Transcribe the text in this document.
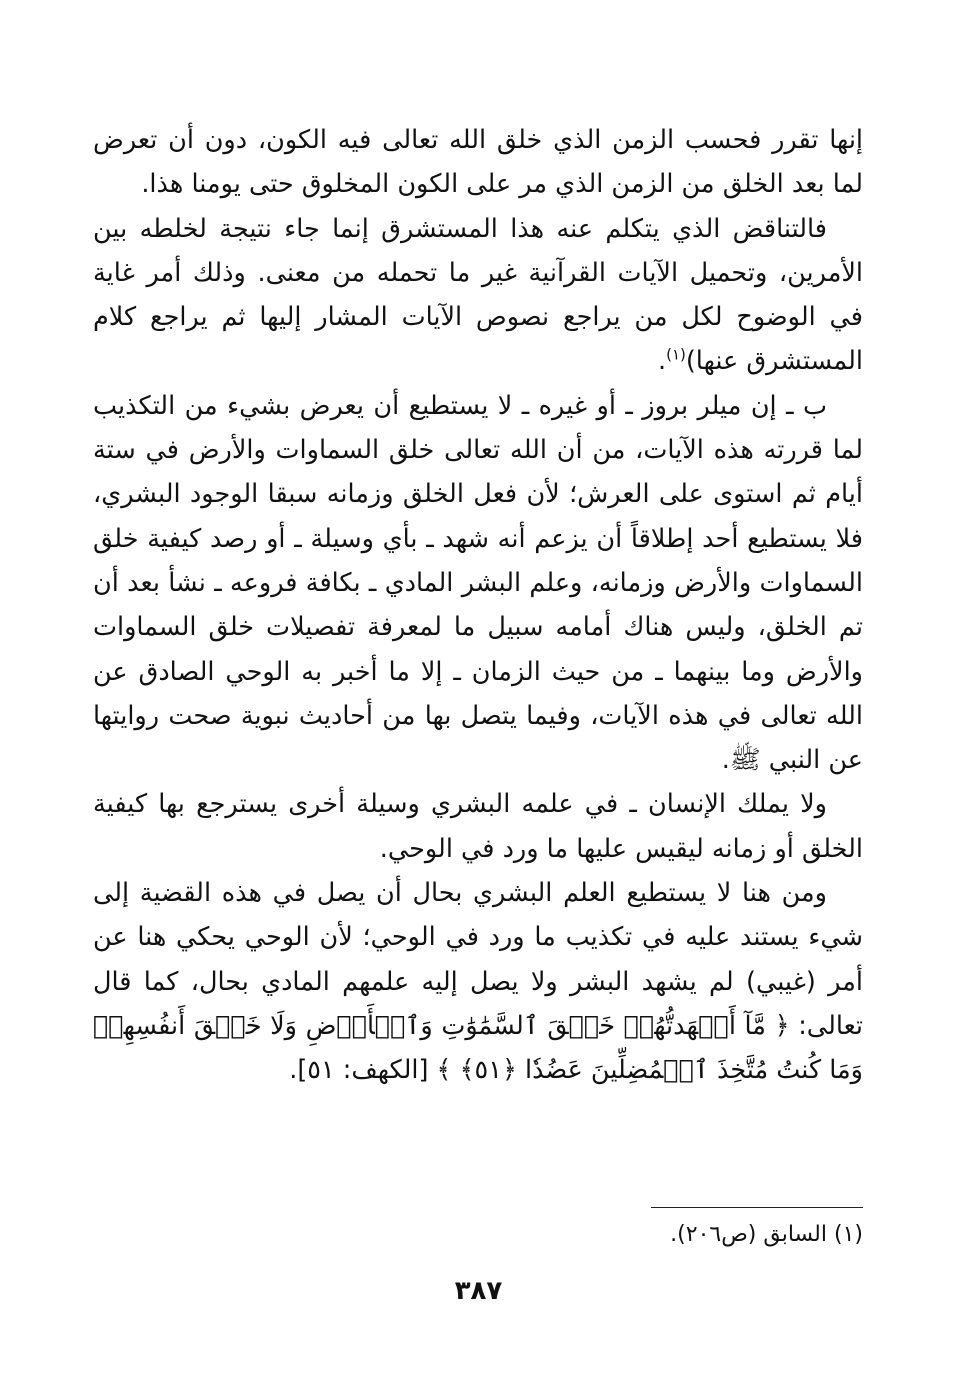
إنها تقرر فحسب الزمن الذي خلق الله تعالى فيه الكون، دون أن تعرض لما بعد الخلق من الزمن الذي مر على الكون المخلوق حتى يومنا هذا.

فالتناقض الذي يتكلم عنه هذا المستشرق إنما جاء نتيجة لخلطه بين الأمرين، وتحميل الآيات القرآنية غير ما تحمله من معنى. وذلك أمر غاية في الوضوح لكل من يراجع نصوص الآيات المشار إليها ثم يراجع كلام المستشرق عنها)$^{(١)}$.

ب ـ إن ميلر بروز ـ أو غيره ـ لا يستطيع أن يعرض بشيء من التكذيب لما قررته هذه الآيات، من أن الله تعالى خلق السماوات والأرض في ستة أيام ثم استوى على العرش؛ لأن فعل الخلق وزمانه سبقا الوجود البشري، فلا يستطيع أحد إطلاقاً أن يزعم أنه شهد ـ بأي وسيلة ـ أو رصد كيفية خلق السماوات والأرض وزمانه، وعلم البشر المادي ـ بكافة فروعه ـ نشأ بعد أن تم الخلق، وليس هناك أمامه سبيل ما لمعرفة تفصيلات خلق السماوات والأرض وما بينهما ـ من حيث الزمان ـ إلا ما أخبر به الوحي الصادق عن الله تعالى في هذه الآيات، وفيما يتصل بها من أحاديث نبوية صحت روايتها عن النبي ﷺ.

ولا يملك الإنسان ـ في علمه البشري وسيلة أخرى يسترجع بها كيفية الخلق أو زمانه ليقيس عليها ما ورد في الوحي.

ومن هنا لا يستطيع العلم البشري بحال أن يصل في هذه القضية إلى شيء يستند عليه في تكذيب ما ورد في الوحي؛ لأن الوحي يحكي هنا عن أمر (غيبي) لم يشهد البشر ولا يصل إليه علمهم المادي بحال، كما قال تعالى: ﴿ مَّآ أَشۡهَدتُّهُمۡ خَلۡقَ ٱلسَّمَٰوَٰتِ وَٱلۡأَرۡضِ وَلَا خَلۡقَ أَنفُسِهِمۡ وَمَا كُنتُ مُتَّخِذَ ٱلۡمُضِلِّينَ عَضُدٗا ﴿٥١﴾ ﴾ [الكهف: ٥١].

(١) السابق (ص٢٠٦).
٣٨٧
